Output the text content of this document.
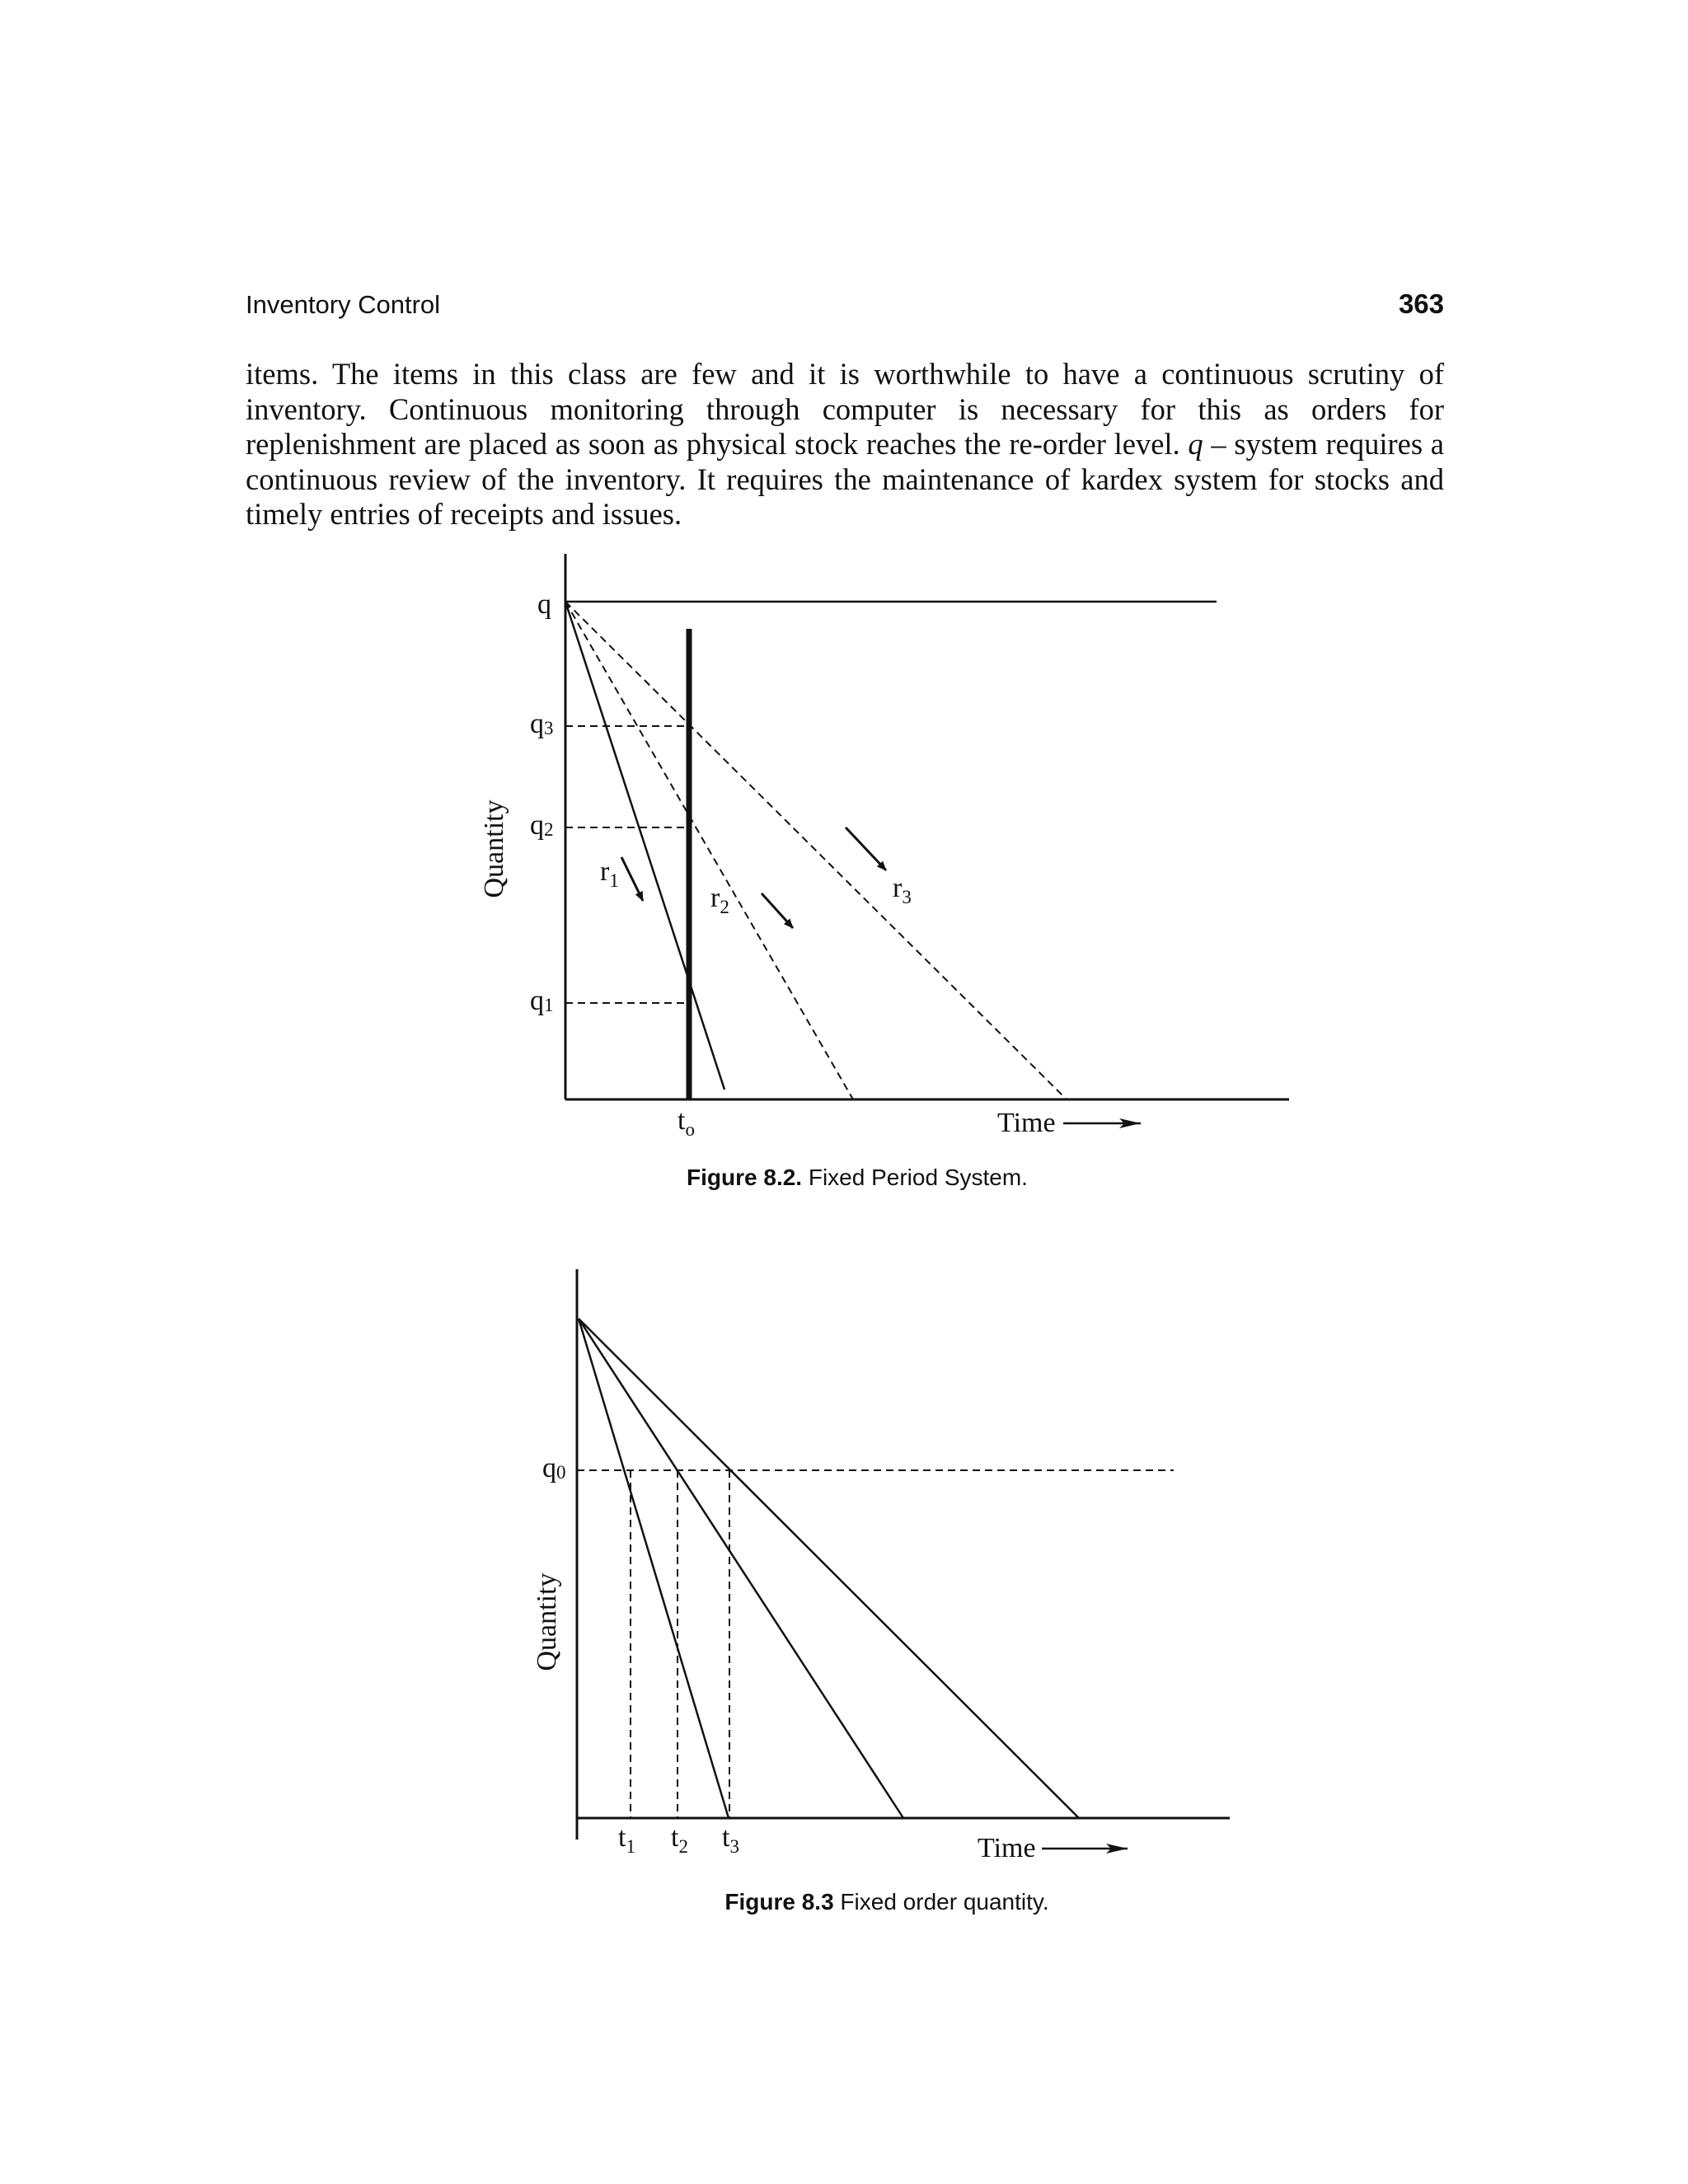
Inventory Control	363

items. The items in this class are few and it is worthwhile to have a continuous scrutiny of inventory. Continuous monitoring through computer is necessary for this as orders for replenishment are placed as soon as physical stock reaches the re-order level. q – system requires a continuous review of the inventory. It requires the maintenance of kardex system for stocks and timely entries of receipts and issues.

q
q3
q2
q1
$r_1$
$r_2$
$r_3$
Quantity
$t_o$	Time
Figure 8.2. Fixed Period System.
q0
Quantity
$t_1$ $t_2$ $t_3$	Time
Figure 8.3 Fixed order quantity.
